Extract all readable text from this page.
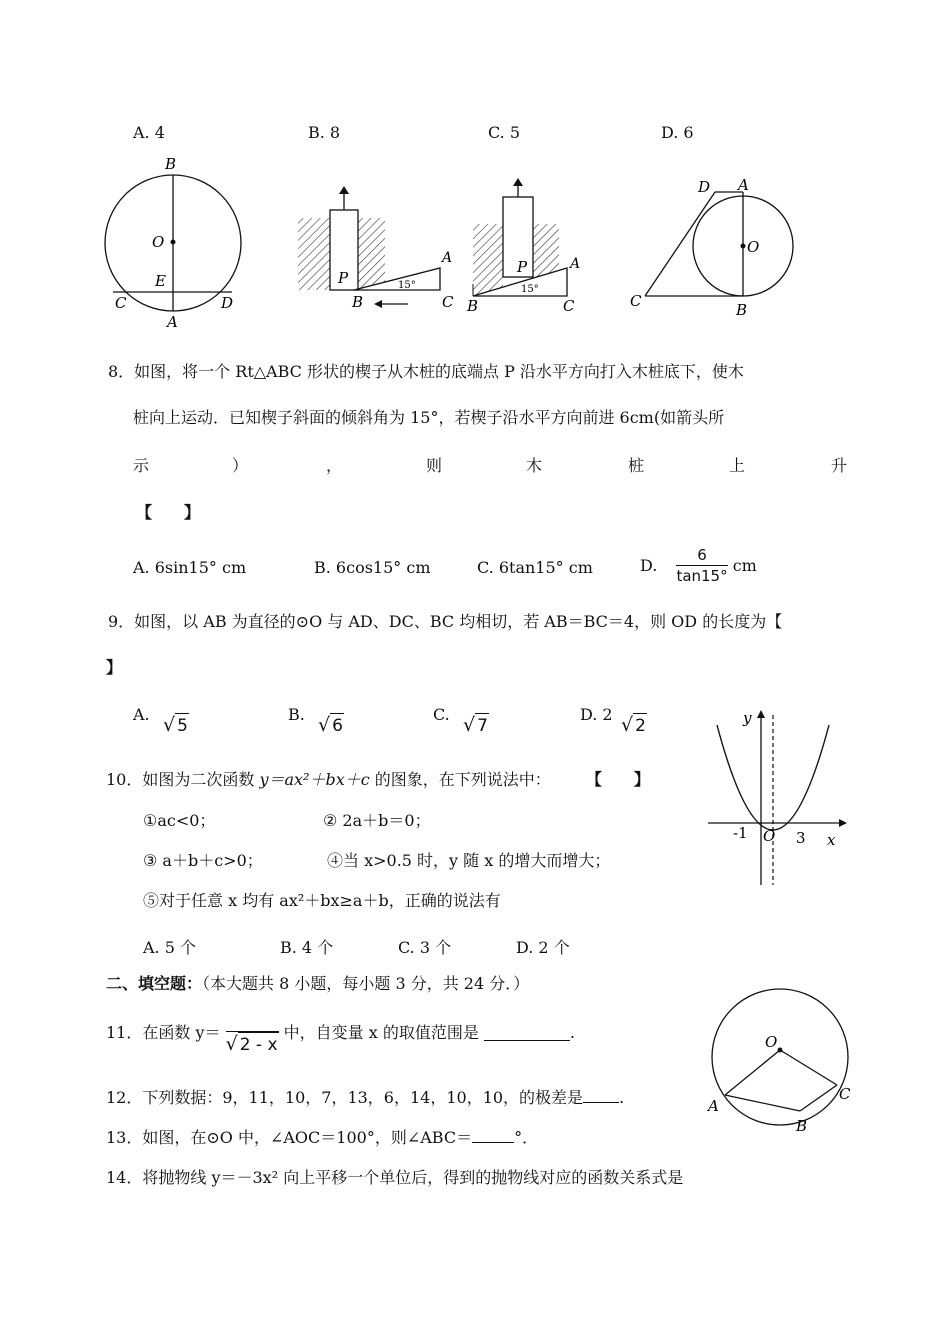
A. 4	B. 8	C. 5	D. 6
B
O
E
C	D
A
P
A
B	C
15°
P	A
B	C
15°
D A
O
C	B
8．如图，将一个 Rt△ABC 形状的楔子从木桩的底端点 P 沿水平方向打入木桩底下，使木
桩向上运动．已知楔子斜面的倾斜角为 15°，若楔子沿水平方向前进 6cm(如箭头所
示	）	，	则	木	桩	上	升
【　　】
A. 6sin15° cm	B. 6cos15° cm	C. 6tan15° cm	D. $\frac{6}{\tan 15^\circ}$ cm
9．如图，以 AB 为直径的⊙O 与 AD、DC、BC 均相切，若 AB＝BC＝4，则 OD 的长度为【
】
A. √ 5
B. √ 6
C. √ 7
D. 2 √ 2	y
x
-1 O 3
10．如图为二次函数 y＝ax²＋bx＋c 的图象，在下列说法中： 【　　】
①ac<0；	② 2a＋b＝0；
③ a＋b＋c>0；	④当 x>0.5 时，y 随 x 的增大而增大；
⑤对于任意 x 均有 ax²＋bx≥a＋b，正确的说法有
A. 5 个	B. 4 个	C. 3 个	D. 2 个
二、填空题：（本大题共 8 小题，每小题 3 分，共 24 分．）
O
A
B
C
11．在函数 y＝
√ 2 - x
中，自变量 x 的取值范围是	.
12．下列数据：9，11，10，7，13，6，14，10，10，的极差是 .
13．如图，在⊙O 中，∠AOC＝100°，则∠ABC＝	°．
14．将抛物线 y＝－3x² 向上平移一个单位后，得到的抛物线对应的函数关系式是
